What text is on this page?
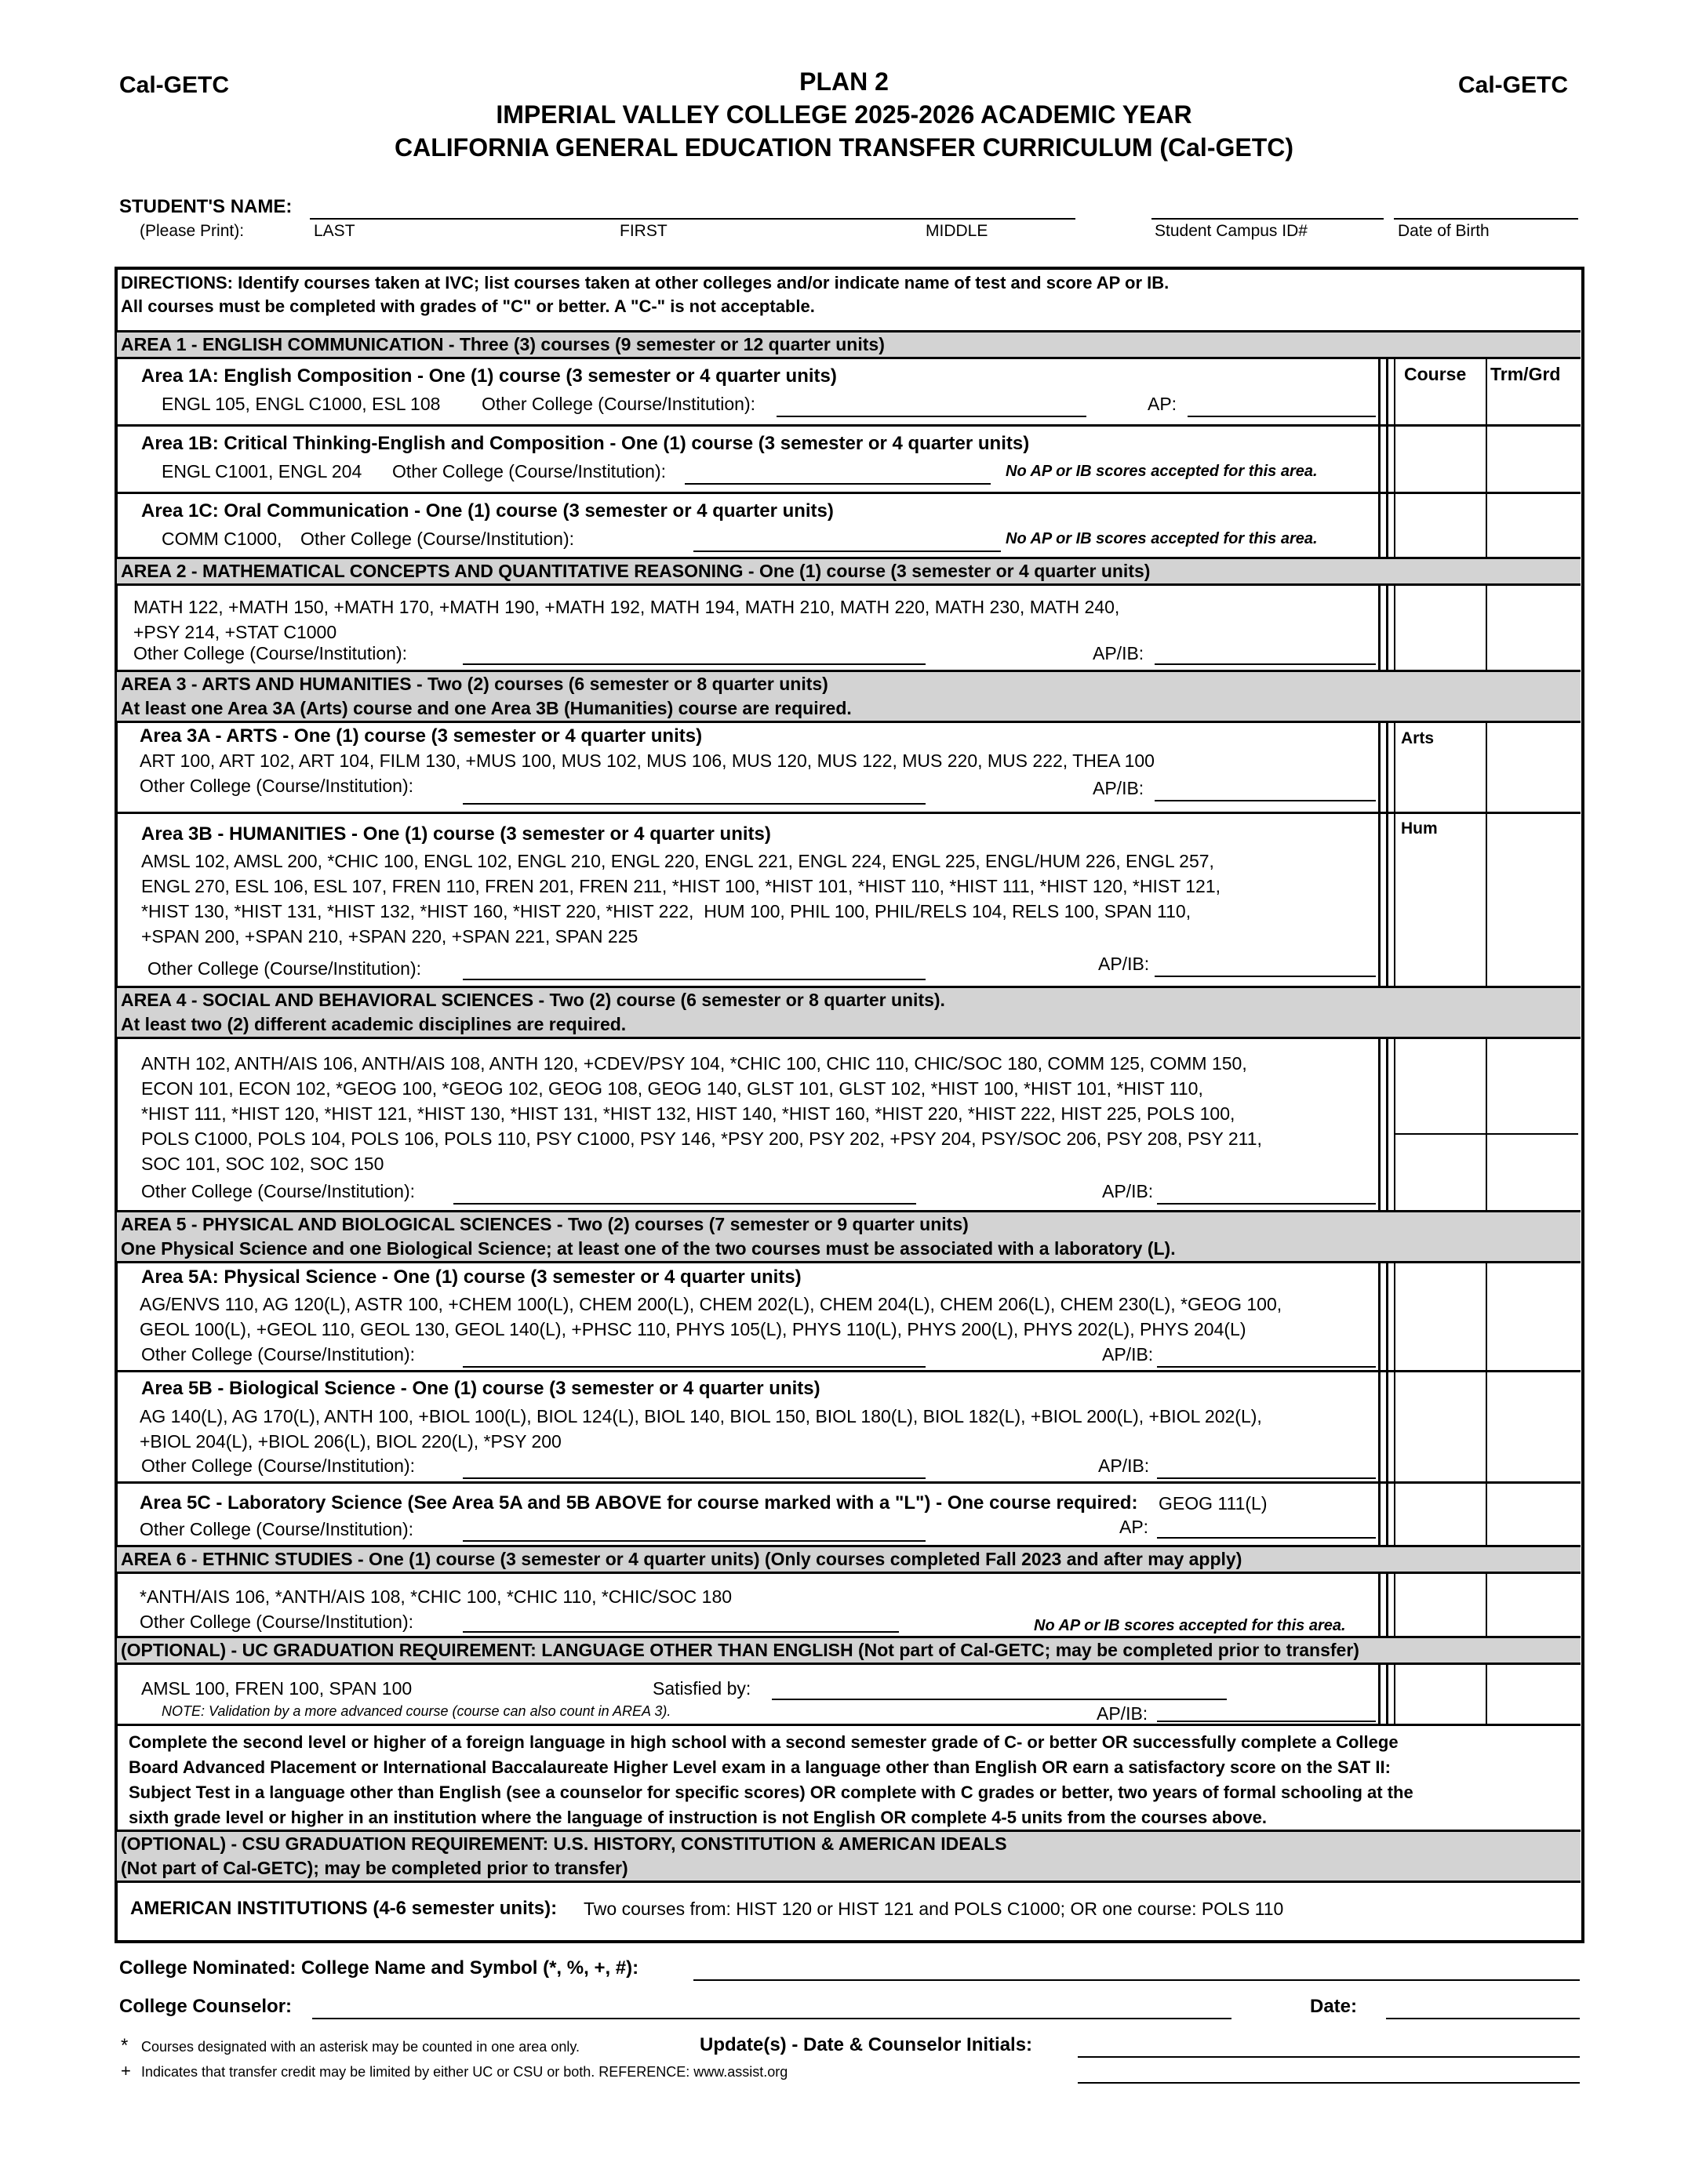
Cal-GETC	Cal-GETC
PLAN 2
IMPERIAL VALLEY COLLEGE 2025-2026 ACADEMIC YEAR
CALIFORNIA GENERAL EDUCATION TRANSFER CURRICULUM (Cal-GETC)
STUDENT'S NAME:
(Please Print):	LAST	FIRST	MIDDLE	Student Campus ID#	Date of Birth
DIRECTIONS: Identify courses taken at IVC; list courses taken at other colleges and/or indicate name of test and score AP or IB.
All courses must be completed with grades of "C" or better. A "C-" is not acceptable.
Course Trm/Grd
Arts
Hum
AREA 1 - ENGLISH COMMUNICATION - Three (3) courses (9 semester or 12 quarter units)
Area 1A: English Composition - One (1) course (3 semester or 4 quarter units)
ENGL 105, ENGL C1000, ESL 108 Other College (Course/Institution):	AP:
Area 1B: Critical Thinking-English and Composition - One (1) course (3 semester or 4 quarter units)
ENGL C1001, ENGL 204 Other College (Course/Institution):	No AP or IB scores accepted for this area.
Area 1C: Oral Communication - One (1) course (3 semester or 4 quarter units)
COMM C1000, Other College (Course/Institution):	No AP or IB scores accepted for this area.
AREA 2 - MATHEMATICAL CONCEPTS AND QUANTITATIVE REASONING - One (1) course (3 semester or 4 quarter units)
MATH 122, +MATH 150, +MATH 170, +MATH 190, +MATH 192, MATH 194, MATH 210, MATH 220, MATH 230, MATH 240,
+PSY 214, +STAT C1000
Other College (Course/Institution):	AP/IB:
AREA 3 - ARTS AND HUMANITIES - Two (2) courses (6 semester or 8 quarter units)
At least one Area 3A (Arts) course and one Area 3B (Humanities) course are required.
Area 3A - ARTS - One (1) course (3 semester or 4 quarter units)
ART 100, ART 102, ART 104, FILM 130, +MUS 100, MUS 102, MUS 106, MUS 120, MUS 122, MUS 220, MUS 222, THEA 100
Other College (Course/Institution):	AP/IB:
Area 3B - HUMANITIES - One (1) course (3 semester or 4 quarter units)
AMSL 102, AMSL 200, *CHIC 100, ENGL 102, ENGL 210, ENGL 220, ENGL 221, ENGL 224, ENGL 225, ENGL/HUM 226, ENGL 257,
ENGL 270, ESL 106, ESL 107, FREN 110, FREN 201, FREN 211, *HIST 100, *HIST 101, *HIST 110, *HIST 111, *HIST 120, *HIST 121,
*HIST 130, *HIST 131, *HIST 132, *HIST 160, *HIST 220, *HIST 222,  HUM 100, PHIL 100, PHIL/RELS 104, RELS 100, SPAN 110,
+SPAN 200, +SPAN 210, +SPAN 220, +SPAN 221, SPAN 225
Other College (Course/Institution):	AP/IB:
AREA 4 - SOCIAL AND BEHAVIORAL SCIENCES - Two (2) course (6 semester or 8 quarter units).
At least two (2) different academic disciplines are required.
ANTH 102, ANTH/AIS 106, ANTH/AIS 108, ANTH 120, +CDEV/PSY 104, *CHIC 100, CHIC 110, CHIC/SOC 180, COMM 125, COMM 150,
ECON 101, ECON 102, *GEOG 100, *GEOG 102, GEOG 108, GEOG 140, GLST 101, GLST 102, *HIST 100, *HIST 101, *HIST 110,
*HIST 111, *HIST 120, *HIST 121, *HIST 130, *HIST 131, *HIST 132, HIST 140, *HIST 160, *HIST 220, *HIST 222, HIST 225, POLS 100,
POLS C1000, POLS 104, POLS 106, POLS 110, PSY C1000, PSY 146, *PSY 200, PSY 202, +PSY 204, PSY/SOC 206, PSY 208, PSY 211,
SOC 101, SOC 102, SOC 150
Other College (Course/Institution):	AP/IB:
AREA 5 - PHYSICAL AND BIOLOGICAL SCIENCES - Two (2) courses (7 semester or 9 quarter units)
One Physical Science and one Biological Science; at least one of the two courses must be associated with a laboratory (L).
Area 5A: Physical Science - One (1) course (3 semester or 4 quarter units)
AG/ENVS 110, AG 120(L), ASTR 100, +CHEM 100(L), CHEM 200(L), CHEM 202(L), CHEM 204(L), CHEM 206(L), CHEM 230(L), *GEOG 100,
GEOL 100(L), +GEOL 110, GEOL 130, GEOL 140(L), +PHSC 110, PHYS 105(L), PHYS 110(L), PHYS 200(L), PHYS 202(L), PHYS 204(L)
Other College (Course/Institution):	AP/IB:
Area 5B - Biological Science - One (1) course (3 semester or 4 quarter units)
AG 140(L), AG 170(L), ANTH 100, +BIOL 100(L), BIOL 124(L), BIOL 140, BIOL 150, BIOL 180(L), BIOL 182(L), +BIOL 200(L), +BIOL 202(L),
+BIOL 204(L), +BIOL 206(L), BIOL 220(L), *PSY 200
Other College (Course/Institution):	AP/IB:
Area 5C - Laboratory Science (See Area 5A and 5B ABOVE for course marked with a "L") - One course required: GEOG 111(L)
Other College (Course/Institution):	AP:
AREA 6 - ETHNIC STUDIES - One (1) course (3 semester or 4 quarter units) (Only courses completed Fall 2023 and after may apply)
*ANTH/AIS 106, *ANTH/AIS 108, *CHIC 100, *CHIC 110, *CHIC/SOC 180
Other College (Course/Institution):	No AP or IB scores accepted for this area.
(OPTIONAL) - UC GRADUATION REQUIREMENT: LANGUAGE OTHER THAN ENGLISH (Not part of Cal-GETC; may be completed prior to transfer)
AMSL 100, FREN 100, SPAN 100	Satisfied by:
NOTE: Validation by a more advanced course (course can also count in AREA 3).	AP/IB:
Complete the second level or higher of a foreign language in high school with a second semester grade of C- or better OR successfully complete a College
Board Advanced Placement or International Baccalaureate Higher Level exam in a language other than English OR earn a satisfactory score on the SAT II:
Subject Test in a language other than English (see a counselor for specific scores) OR complete with C grades or better, two years of formal schooling at the
sixth grade level or higher in an institution where the language of instruction is not English OR complete 4-5 units from the courses above.
(OPTIONAL) - CSU GRADUATION REQUIREMENT: U.S. HISTORY, CONSTITUTION & AMERICAN IDEALS
(Not part of Cal-GETC); may be completed prior to transfer)
AMERICAN INSTITUTIONS (4-6 semester units): Two courses from: HIST 120 or HIST 121 and POLS C1000; OR one course: POLS 110
College Nominated: College Name and Symbol (*, %, +, #):
College Counselor:	Date:
Update(s) - Date & Counselor Initials:
* Courses designated with an asterisk may be counted in one area only.
+ Indicates that transfer credit may be limited by either UC or CSU or both. REFERENCE: www.assist.org
